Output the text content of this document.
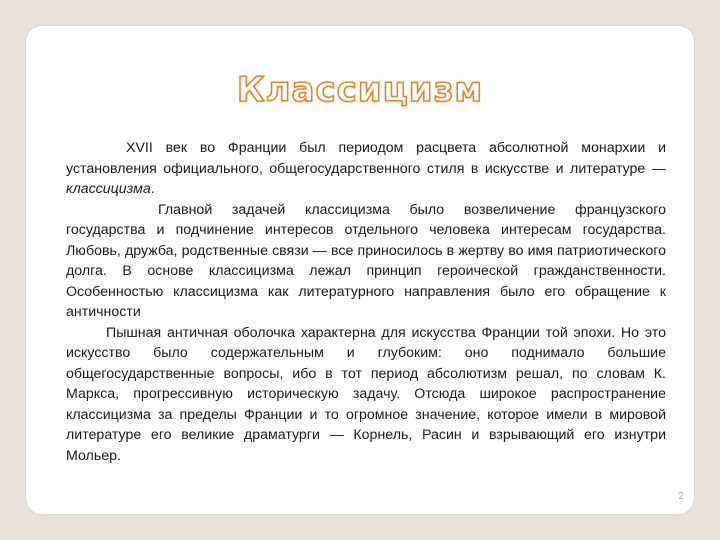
Классицизм

XVII век во Франции был периодом расцвета абсолютной монархии и установления официального, общегосударственного стиля в искусстве и литературе — классицизма.

Главной задачей классицизма было возвеличение французского государства и подчинение интересов отдельного человека интересам государства. Любовь, дружба, родственные связи — все приносилось в жертву во имя патриотического долга. В основе классицизма лежал принцип героической гражданственности. Особенностью классицизма как литературного направления было его обращение к античности

Пышная античная оболочка характерна для искусства Франции той эпохи. Но это искусство было содержательным и глубоким: оно поднимало большие общегосударственные вопросы, ибо в тот период абсолютизм решал, по словам К. Маркса, прогрессивную историческую задачу. Отсюда широкое распространение классицизма за пределы Франции и то огромное значение, которое имели в мировой литературе его великие драматурги — Корнель, Расин и взрывающий его изнутри Мольер.

2
